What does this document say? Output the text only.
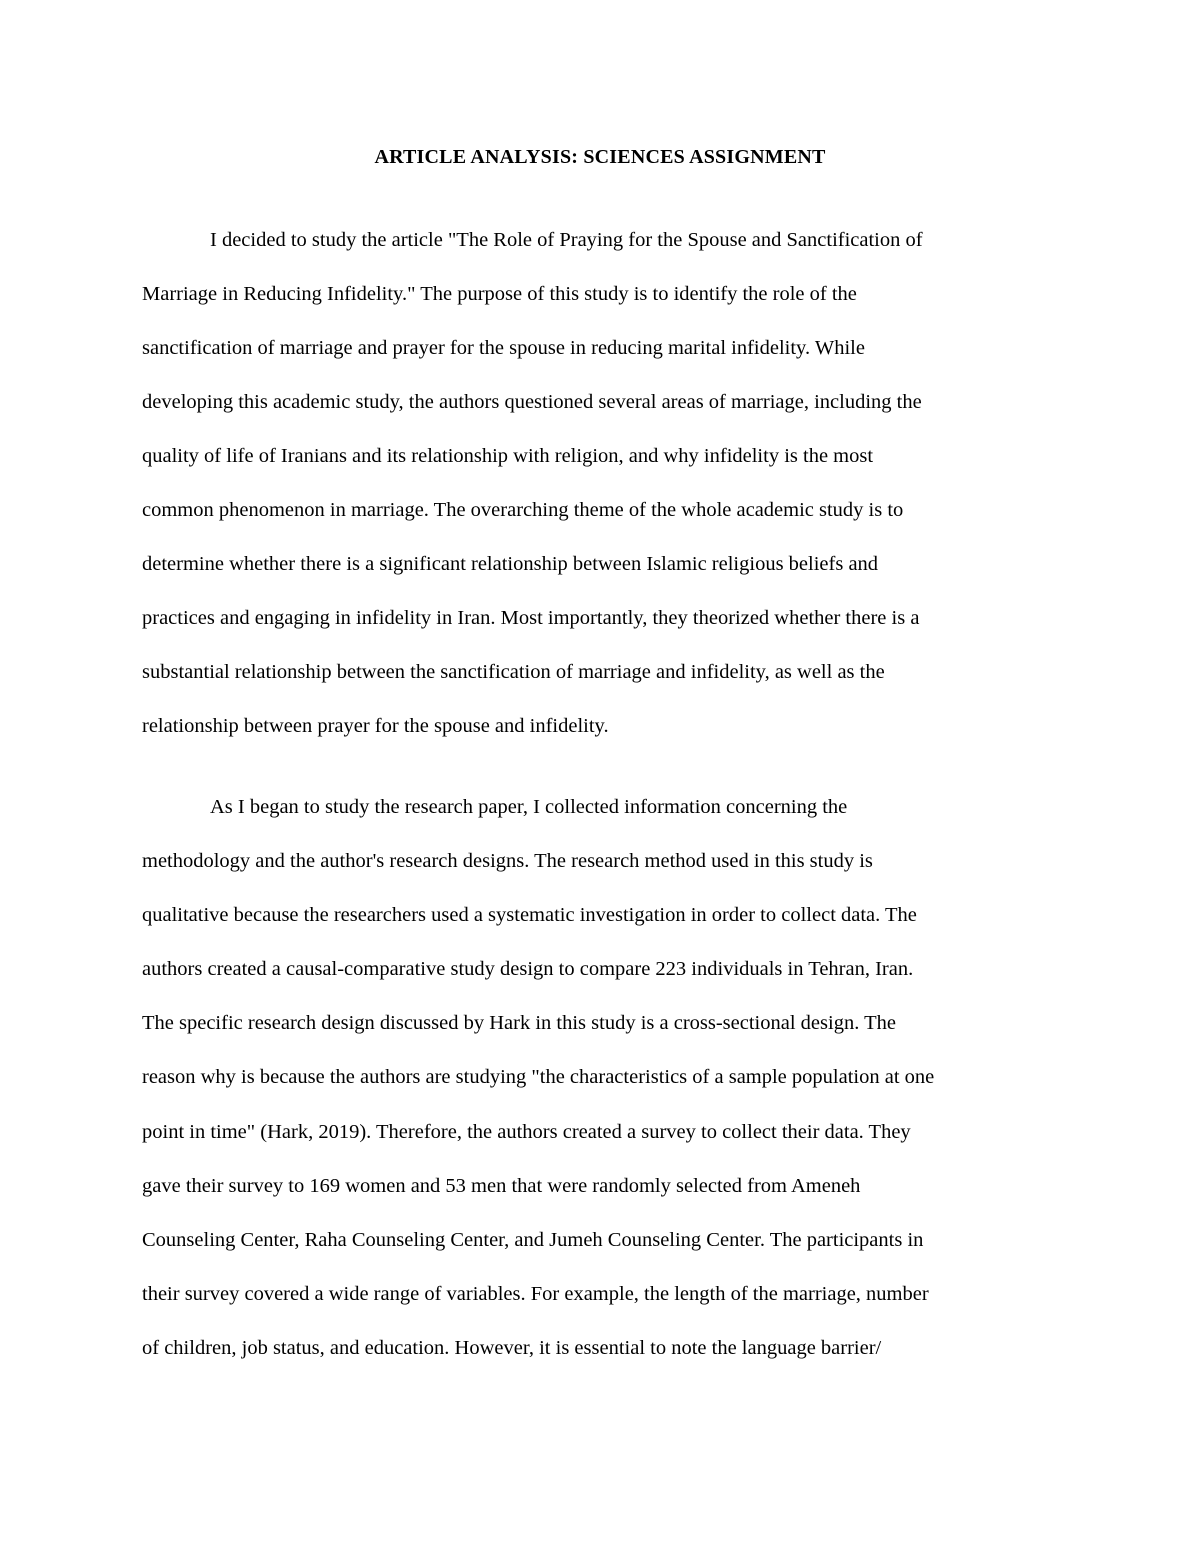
ARTICLE ANALYSIS: SCIENCES ASSIGNMENT

I decided to study the article "The Role of Praying for the Spouse and Sanctification of

Marriage in Reducing Infidelity." The purpose of this study is to identify the role of the

sanctification of marriage and prayer for the spouse in reducing marital infidelity. While

developing this academic study, the authors questioned several areas of marriage, including the

quality of life of Iranians and its relationship with religion, and why infidelity is the most

common phenomenon in marriage. The overarching theme of the whole academic study is to

determine whether there is a significant relationship between Islamic religious beliefs and

practices and engaging in infidelity in Iran. Most importantly, they theorized whether there is a

substantial relationship between the sanctification of marriage and infidelity, as well as the

relationship between prayer for the spouse and infidelity.

As I began to study the research paper, I collected information concerning the

methodology and the author's research designs. The research method used in this study is

qualitative because the researchers used a systematic investigation in order to collect data. The

authors created a causal-comparative study design to compare 223 individuals in Tehran, Iran.

The specific research design discussed by Hark in this study is a cross-sectional design. The

reason why is because the authors are studying "the characteristics of a sample population at one

point in time" (Hark, 2019). Therefore, the authors created a survey to collect their data. They

gave their survey to 169 women and 53 men that were randomly selected from Ameneh

Counseling Center, Raha Counseling Center, and Jumeh Counseling Center. The participants in

their survey covered a wide range of variables. For example, the length of the marriage, number

of children, job status, and education. However, it is essential to note the language barrier/
